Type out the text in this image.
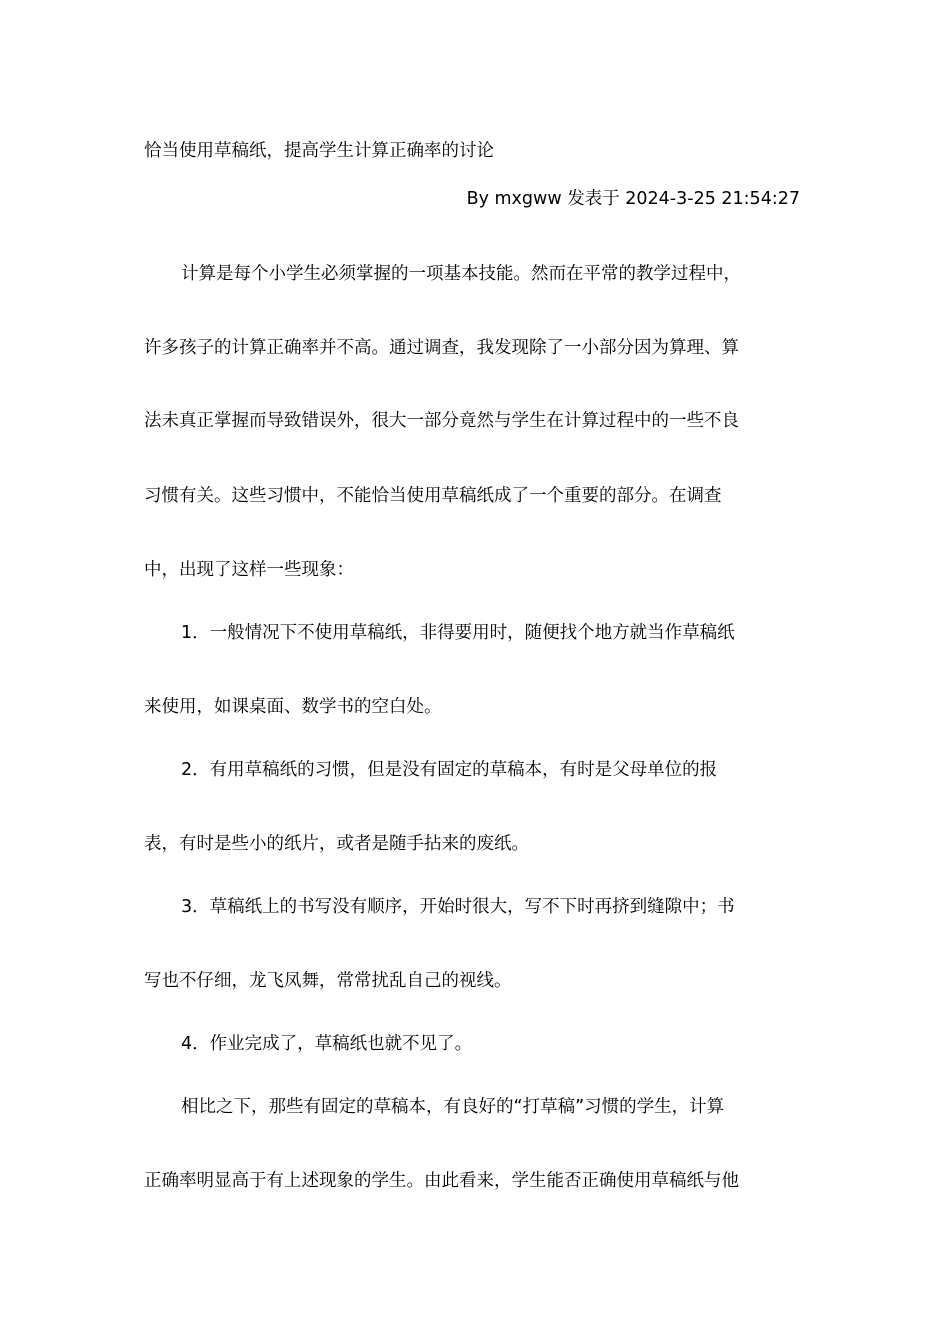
恰当使用草稿纸，提高学生计算正确率的讨论

By mxgww 发表于 2024-3-25 21:54:27

计算是每个小学生必须掌握的一项基本技能。然而在平常的教学过程中，

许多孩子的计算正确率并不高。通过调查，我发现除了一小部分因为算理、算

法未真正掌握而导致错误外，很大一部分竟然与学生在计算过程中的一些不良

习惯有关。这些习惯中，不能恰当使用草稿纸成了一个重要的部分。在调查

中，出现了这样一些现象：

1．一般情况下不使用草稿纸，非得要用时，随便找个地方就当作草稿纸

来使用，如课桌面、数学书的空白处。

2．有用草稿纸的习惯，但是没有固定的草稿本，有时是父母单位的报

表，有时是些小的纸片，或者是随手拈来的废纸。

3．草稿纸上的书写没有顺序，开始时很大，写不下时再挤到缝隙中；书

写也不仔细，龙飞凤舞，常常扰乱自己的视线。

4．作业完成了，草稿纸也就不见了。

相比之下，那些有固定的草稿本，有良好的“打草稿”习惯的学生，计算

正确率明显高于有上述现象的学生。由此看来，学生能否正确使用草稿纸与他
